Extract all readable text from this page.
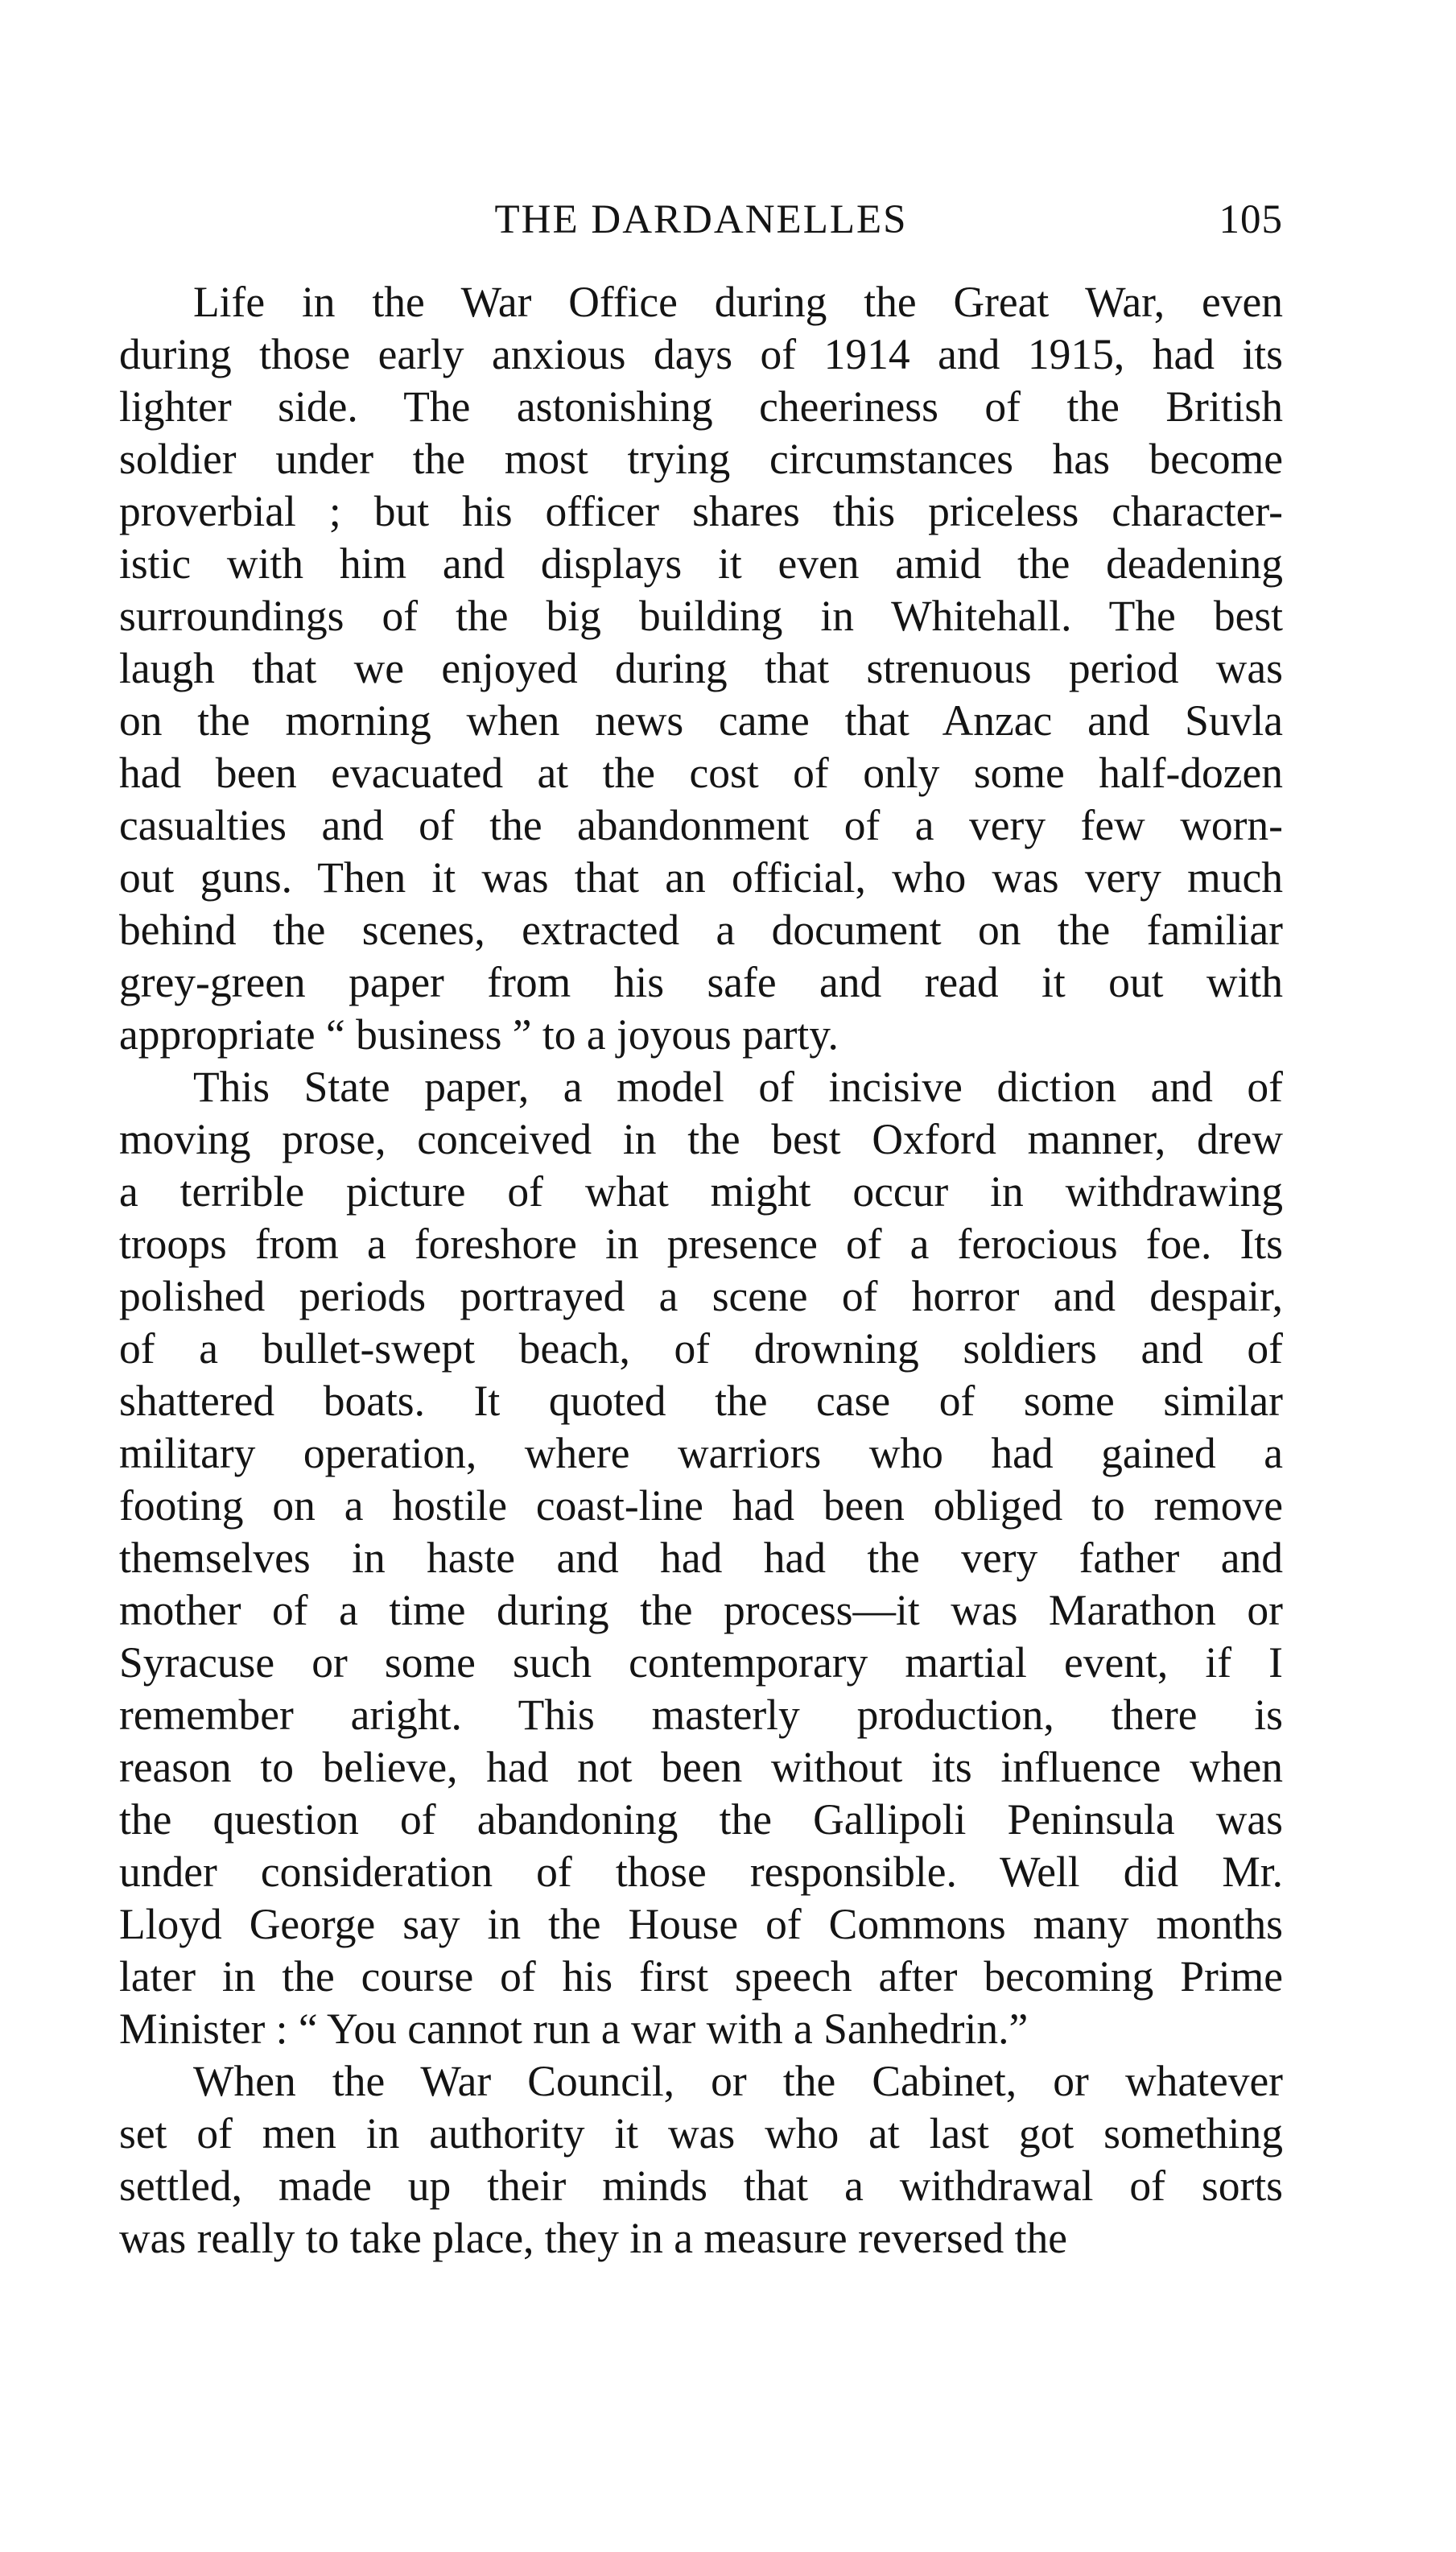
THE DARDANELLES	105
Life in the War Office during the Great War, even
during those early anxious days of 1914 and 1915, had its
lighter side. The astonishing cheeriness of the British
soldier under the most trying circumstances has become
proverbial ; but his officer shares this priceless character-
istic with him and displays it even amid the deadening
surroundings of the big building in Whitehall. The best
laugh that we enjoyed during that strenuous period was
on the morning when news came that Anzac and Suvla
had been evacuated at the cost of only some half-dozen
casualties and of the abandonment of a very few worn-
out guns. Then it was that an official, who was very much
behind the scenes, extracted a document on the familiar
grey-green paper from his safe and read it out with
appropriate “ business ” to a joyous party.
This State paper, a model of incisive diction and of
moving prose, conceived in the best Oxford manner, drew
a terrible picture of what might occur in withdrawing
troops from a foreshore in presence of a ferocious foe. Its
polished periods portrayed a scene of horror and despair,
of a bullet-swept beach, of drowning soldiers and of
shattered boats. It quoted the case of some similar
military operation, where warriors who had gained a
footing on a hostile coast-line had been obliged to remove
themselves in haste and had had the very father and
mother of a time during the process—it was Marathon or
Syracuse or some such contemporary martial event, if I
remember aright. This masterly production, there is
reason to believe, had not been without its influence when
the question of abandoning the Gallipoli Peninsula was
under consideration of those responsible. Well did Mr.
Lloyd George say in the House of Commons many months
later in the course of his first speech after becoming Prime
Minister : “ You cannot run a war with a Sanhedrin.”
When the War Council, or the Cabinet, or whatever
set of men in authority it was who at last got something
settled, made up their minds that a withdrawal of sorts
was really to take place, they in a measure reversed the
